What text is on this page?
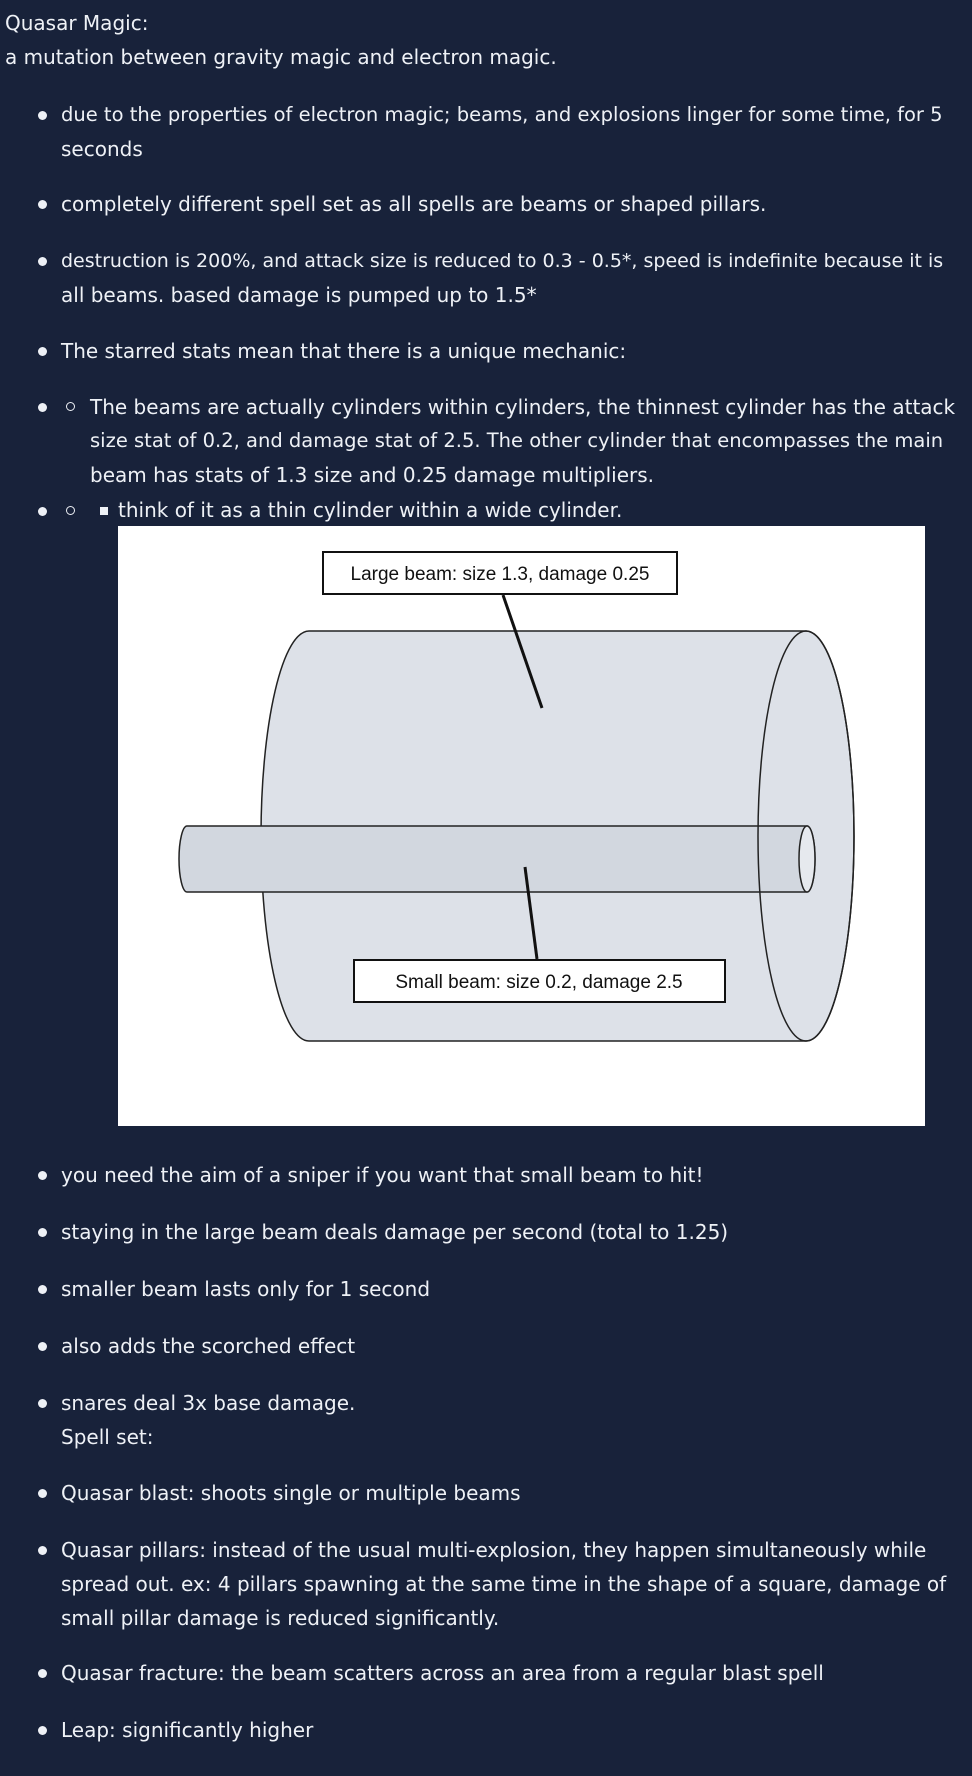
Quasar Magic:
a mutation between gravity magic and electron magic.
due to the properties of electron magic; beams, and explosions linger for some time, for 5
seconds
completely different spell set as all spells are beams or shaped pillars.
destruction is 200%, and attack size is reduced to 0.3 - 0.5*, speed is indefinite because it is
all beams. based damage is pumped up to 1.5*
The starred stats mean that there is a unique mechanic:
The beams are actually cylinders within cylinders, the thinnest cylinder has the attack
size stat of 0.2, and damage stat of 2.5. The other cylinder that encompasses the main
beam has stats of 1.3 size and 0.25 damage multipliers.
think of it as a thin cylinder within a wide cylinder.
Large beam: size 1.3, damage 0.25
Small beam: size 0.2, damage 2.5
you need the aim of a sniper if you want that small beam to hit!
staying in the large beam deals damage per second (total to 1.25)
smaller beam lasts only for 1 second
also adds the scorched effect
snares deal 3x base damage.
Spell set:
Quasar blast: shoots single or multiple beams
Quasar pillars: instead of the usual multi-explosion, they happen simultaneously while
spread out. ex: 4 pillars spawning at the same time in the shape of a square, damage of
small pillar damage is reduced significantly.
Quasar fracture: the beam scatters across an area from a regular blast spell
Leap: significantly higher
